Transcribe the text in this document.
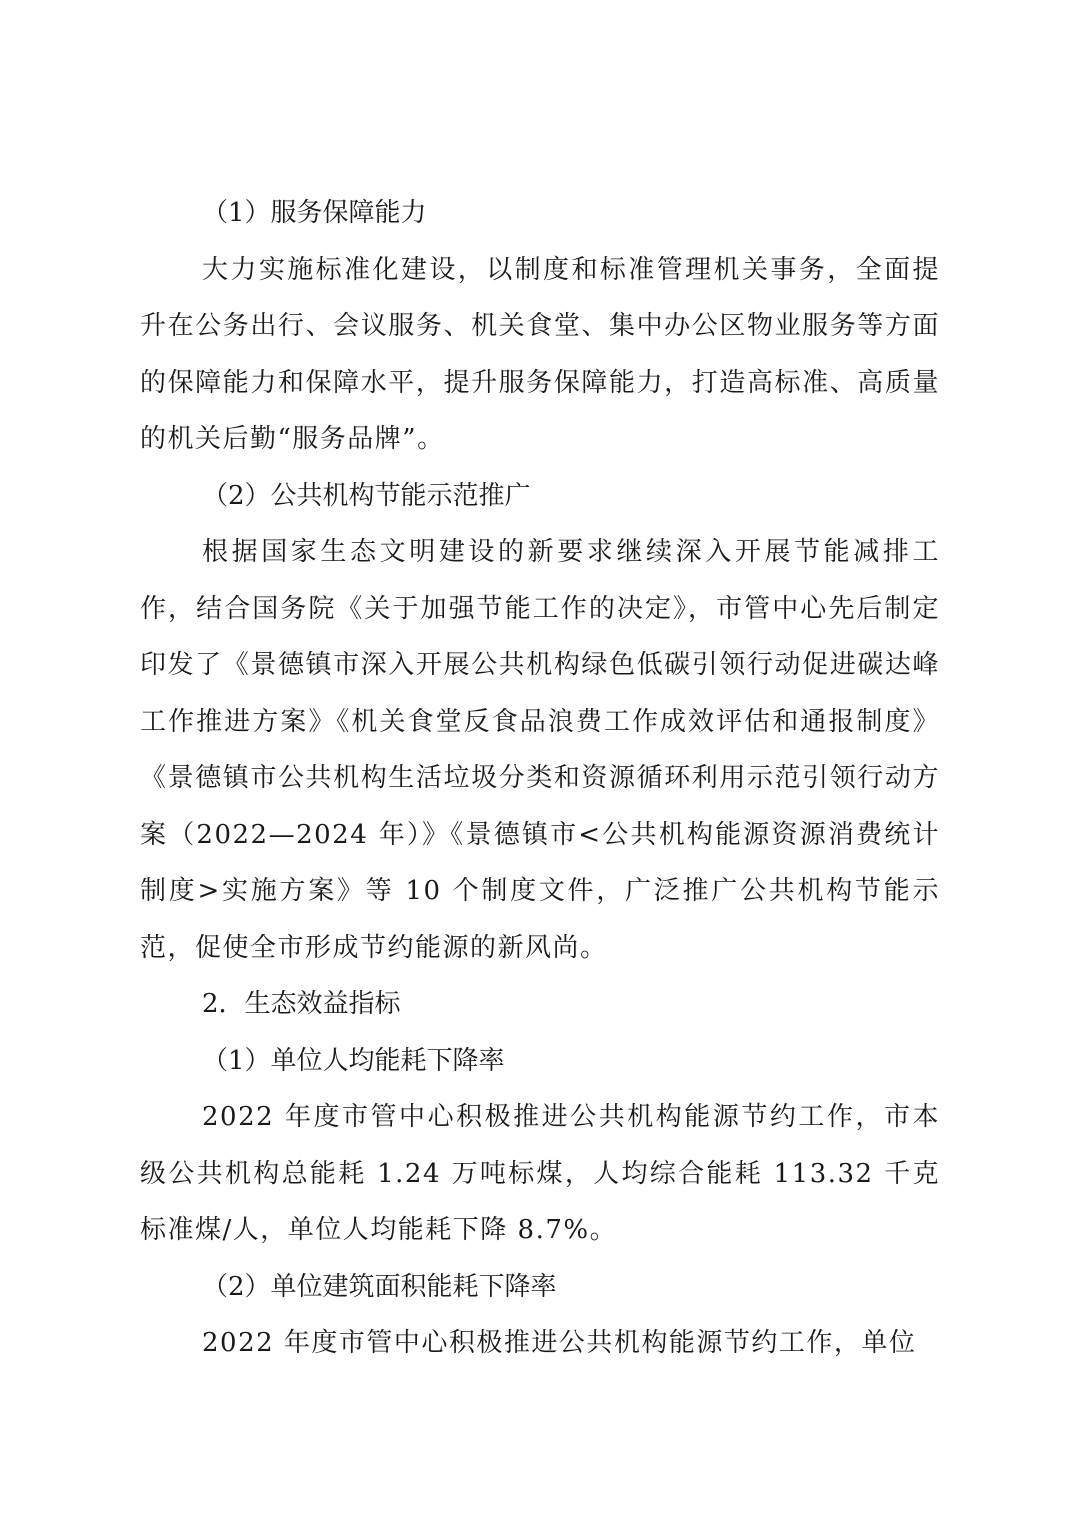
（1）服务保障能力

大力实施标准化建设，以制度和标准管理机关事务，全面提升在公务出行、会议服务、机关食堂、集中办公区物业服务等方面的保障能力和保障水平，提升服务保障能力，打造高标准、高质量的机关后勤“服务品牌”。

（2）公共机构节能示范推广

根据国家生态文明建设的新要求继续深入开展节能减排工作，结合国务院《关于加强节能工作的决定》，市管中心先后制定印发了《景德镇市深入开展公共机构绿色低碳引领行动促进碳达峰工作推进方案》《机关食堂反食品浪费工作成效评估和通报制度》《景德镇市公共机构生活垃圾分类和资源循环利用示范引领行动方案（2022—2024 年）》《景德镇市<公共机构能源资源消费统计制度>实施方案》等 10 个制度文件，广泛推广公共机构节能示范，促使全市形成节约能源的新风尚。

2．生态效益指标

（1）单位人均能耗下降率

2022 年度市管中心积极推进公共机构能源节约工作，市本级公共机构总能耗 1.24 万吨标煤，人均综合能耗 113.32 千克标准煤/人，单位人均能耗下降 8.7%。

（2）单位建筑面积能耗下降率

2022 年度市管中心积极推进公共机构能源节约工作，单位
